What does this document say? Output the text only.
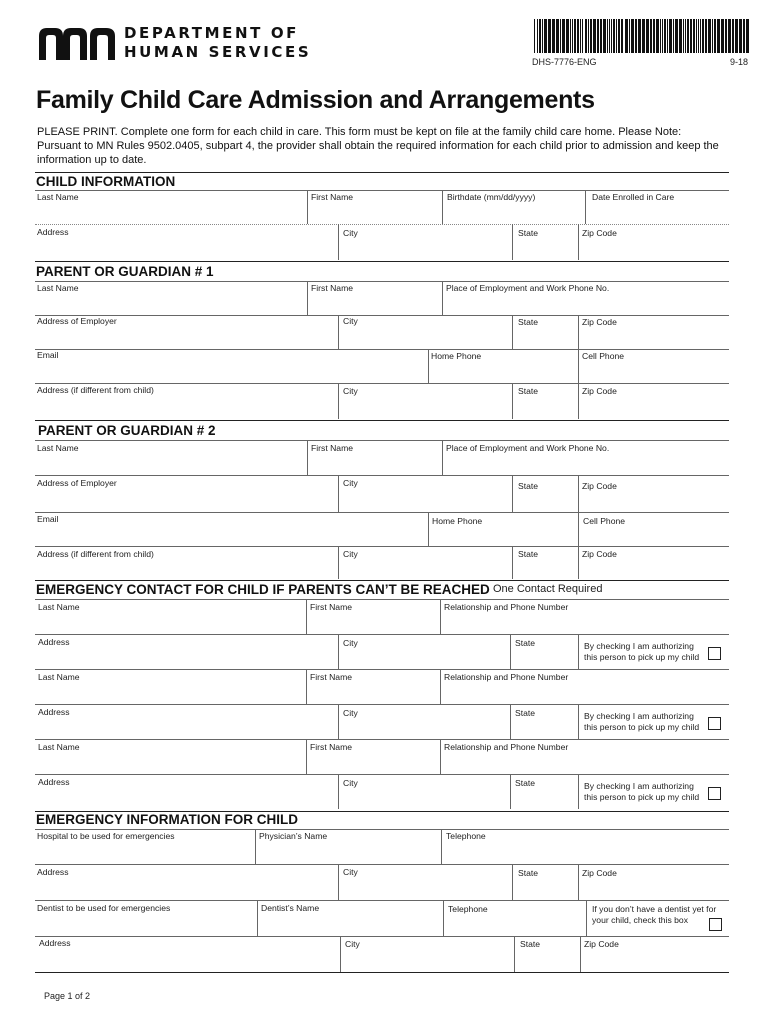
DEPARTMENT OF
HUMAN SERVICES
DHS-7776-ENG	9-18
Family Child Care Admission and Arrangements
PLEASE PRINT. Complete one form for each child in care. This form must be kept on file at the family child care home. Please Note: Pursuant to MN Rules 9502.0405, subpart 4, the provider shall obtain the required information for each child prior to admission and keep the information up to date.
CHILD INFORMATION
Last Name	First Name	Birthdate (mm/dd/yyyy)	Date Enrolled in Care
Address	City	State	Zip Code
PARENT OR GUARDIAN # 1
Last Name	First Name	Place of Employment and Work Phone No.
Address of Employer	City	State	Zip Code
Email	Home Phone	Cell Phone
Address (if different from child)	City	State	Zip Code
PARENT OR GUARDIAN # 2
Last Name	First Name	Place of Employment and Work Phone No.
Address of Employer	City	State	Zip Code
Email	Home Phone	Cell Phone
Address (if different from child)	City	State	Zip Code
EMERGENCY CONTACT FOR CHILD IF PARENTS CAN’T BE REACHED One Contact Required
Last Name	First Name	Relationship and Phone Number
Address	City	State	By checking I am authorizing this person to pick up my child
Last Name	First Name	Relationship and Phone Number
Address	City	State	By checking I am authorizing this person to pick up my child
Last Name	First Name	Relationship and Phone Number
Address	City	State	By checking I am authorizing this person to pick up my child
EMERGENCY INFORMATION FOR CHILD
Hospital to be used for emergencies	Physician’s Name	Telephone
Address	City	State	Zip Code
Dentist to be used for emergencies	Dentist’s Name	Telephone	If you don’t have a dentist yet for your child, check this box
Address	City	State	Zip Code
Page 1 of 2
